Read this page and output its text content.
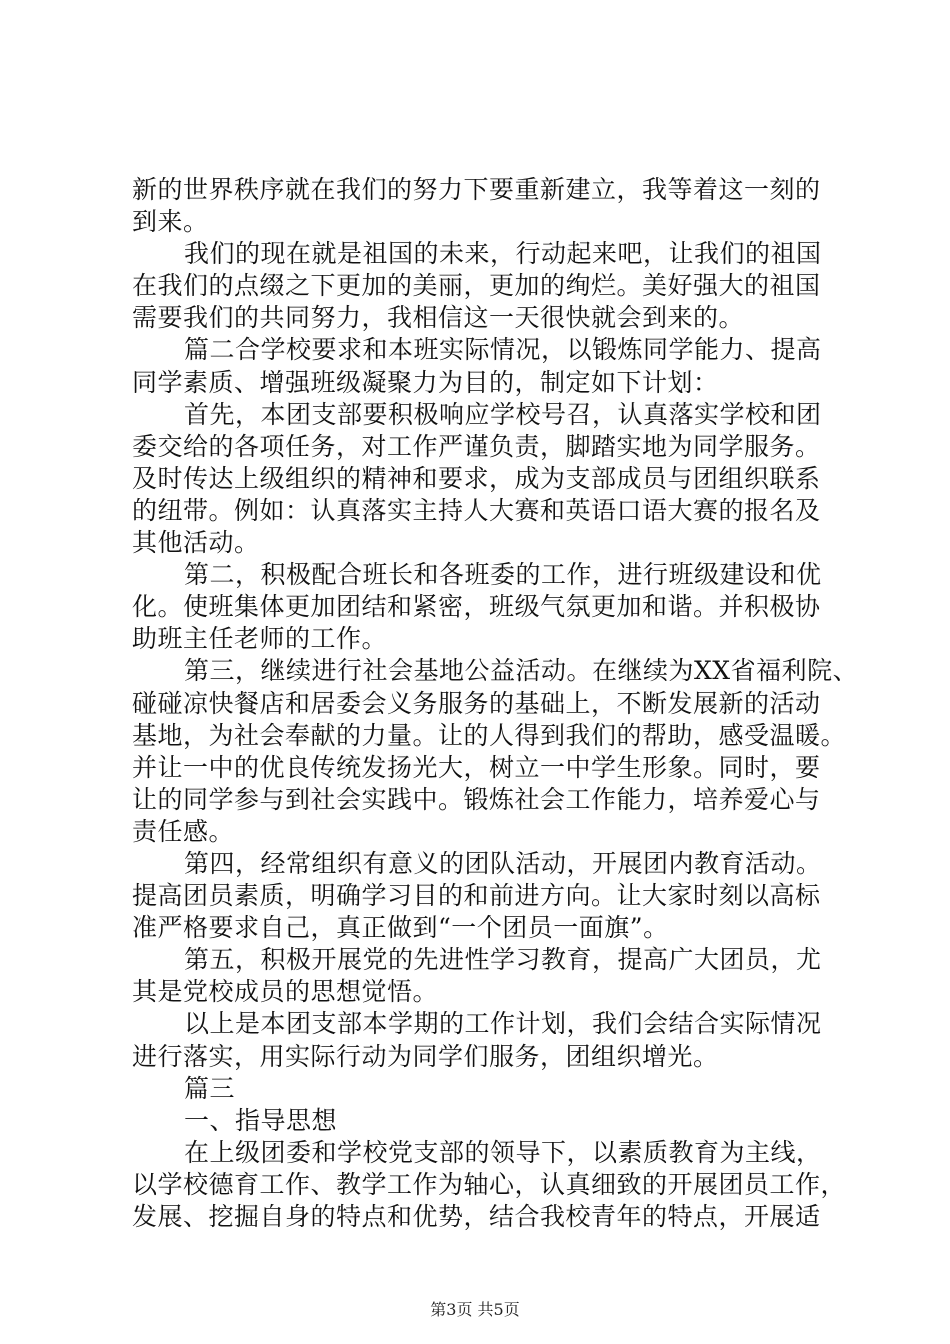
新的世界秩序就在我们的努力下要重新建立，我等着这一刻的
到来。
我们的现在就是祖国的未来，行动起来吧，让我们的祖国
在我们的点缀之下更加的美丽，更加的绚烂。美好强大的祖国
需要我们的共同努力，我相信这一天很快就会到来的。
篇二合学校要求和本班实际情况，以锻炼同学能力、提高
同学素质、增强班级凝聚力为目的，制定如下计划：
首先，本团支部要积极响应学校号召，认真落实学校和团
委交给的各项任务，对工作严谨负责，脚踏实地为同学服务。
及时传达上级组织的精神和要求，成为支部成员与团组织联系
的纽带。例如：认真落实主持人大赛和英语口语大赛的报名及
其他活动。
第二，积极配合班长和各班委的工作，进行班级建设和优
化。使班集体更加团结和紧密，班级气氛更加和谐。并积极协
助班主任老师的工作。
第三，继续进行社会基地公益活动。在继续为XX省福利院、
碰碰凉快餐店和居委会义务服务的基础上，不断发展新的活动
基地，为社会奉献的力量。让的人得到我们的帮助，感受温暖。
并让一中的优良传统发扬光大，树立一中学生形象。同时，要
让的同学参与到社会实践中。锻炼社会工作能力，培养爱心与
责任感。
第四，经常组织有意义的团队活动，开展团内教育活动。
提高团员素质，明确学习目的和前进方向。让大家时刻以高标
准严格要求自己，真正做到“一个团员一面旗”。
第五，积极开展党的先进性学习教育，提高广大团员，尤
其是党校成员的思想觉悟。
以上是本团支部本学期的工作计划，我们会结合实际情况
进行落实，用实际行动为同学们服务，团组织增光。
篇三
一、指导思想
在上级团委和学校党支部的领导下，以素质教育为主线，
以学校德育工作、教学工作为轴心，认真细致的开展团员工作，
发展、挖掘自身的特点和优势，结合我校青年的特点，开展适
第3页 共5页
